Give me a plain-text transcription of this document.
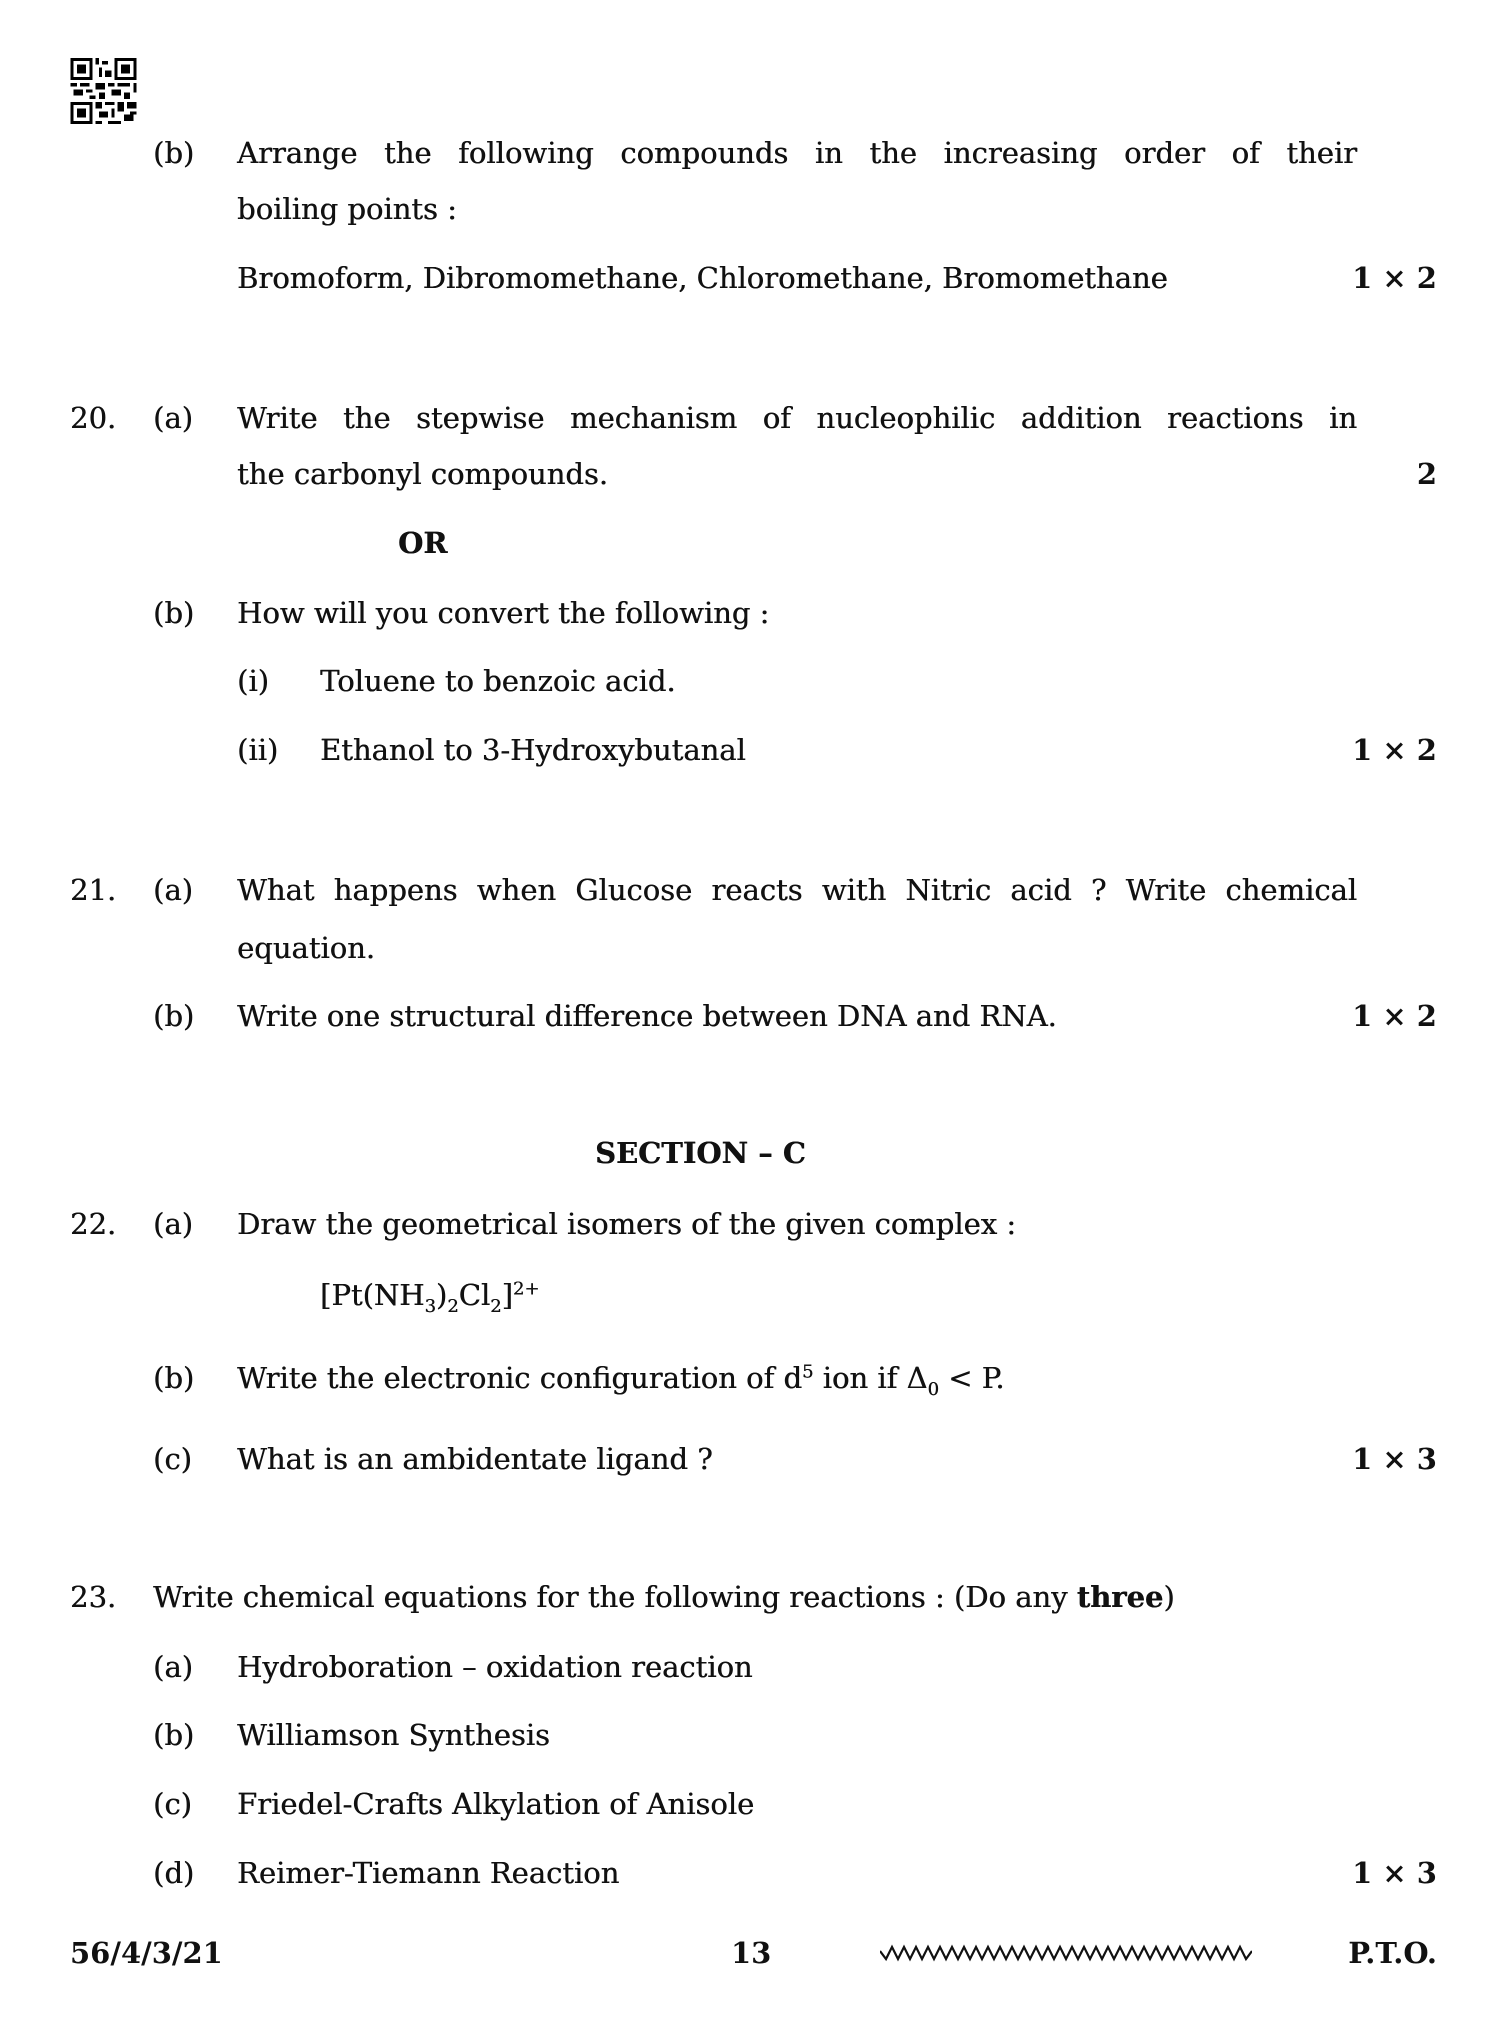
(b) Arrange the following compounds in the increasing order of their
boiling points :
Bromoform, Dibromomethane, Chloromethane, Bromomethane	1 × 2
20. (a) Write the stepwise mechanism of nucleophilic addition reactions in
the carbonyl compounds.	2
OR
(b) How will you convert the following :
(i) Toluene to benzoic acid.
(ii) Ethanol to 3-Hydroxybutanal	1 × 2
21. (a) What happens when Glucose reacts with Nitric acid ? Write chemical
equation.
(b) Write one structural difference between DNA and RNA.	1 × 2
SECTION – C
22. (a) Draw the geometrical isomers of the given complex :
$[Pt(NH_3)_2Cl_2]^{2+}$
(b) Write the electronic configuration of $d^5$ ion if $\Delta_0 < P$.
(c) What is an ambidentate ligand ?	1 × 3
23. Write chemical equations for the following reactions : (Do any three)
(a) Hydroboration – oxidation reaction
(b) Williamson Synthesis
(c) Friedel-Crafts Alkylation of Anisole
(d) Reimer-Tiemann Reaction	1 × 3
56/4/3/21	13	P.T.O.
